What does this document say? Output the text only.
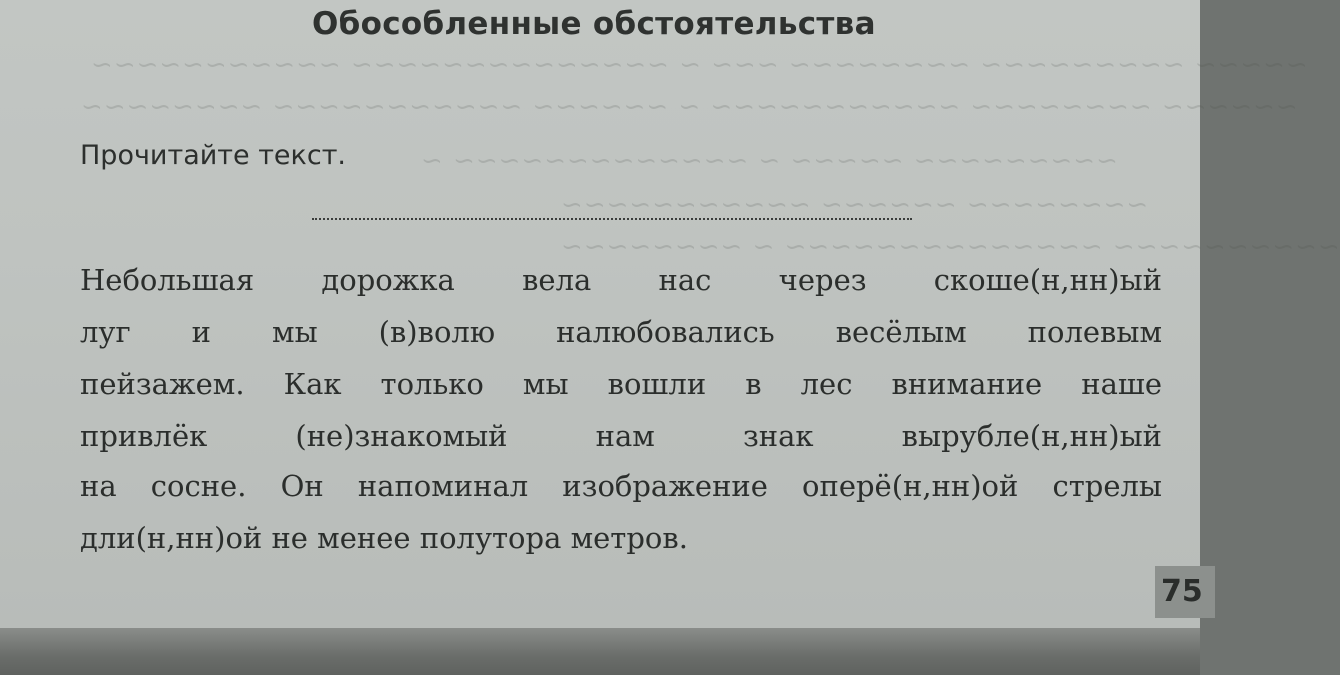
~~~~~ ~~~~~~~~~ ~~~~~~~~ ~~~ ~ ~~~~~~~~~~~~~~ ~~~~~~~~~~~
~~~~~~ ~~~~~~~~ ~~~~~~~~~~~ ~ ~~~~~~ ~~~~~~~~~~~ ~~~~~~~~
~~~~~~~~~ ~~~~~ ~ ~~~~~~~~~~~~~ ~
~~~~~~~~ ~~~~~~ ~~~~~~~~~~~
~~~~~~~~~~ ~~~~~~~~~~~~~~ ~ ~~~~~~~~
Обособленные обстоятельства
Прочитайте текст.
Небольшая дорожка вела нас через скоше(н,нн)ый
луг и мы (в)волю налюбовались весёлым полевым
пейзажем. Как только мы вошли в лес внимание наше
привлёк (не)знакомый нам знак вырубле(н,нн)ый
на сосне. Он напоминал изображение оперё(н,нн)ой стрелы
дли(н,нн)ой не менее полутора метров.
75
